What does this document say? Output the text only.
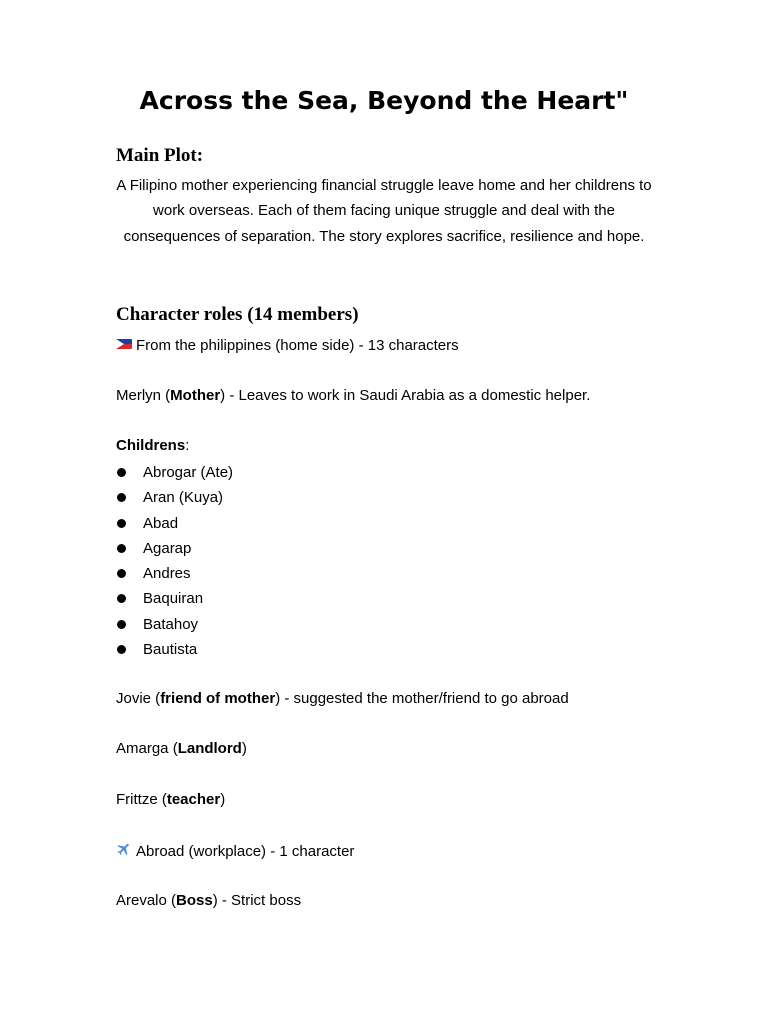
Across the Sea, Beyond the Heart"
Main Plot:
A Filipino mother experiencing financial struggle leave home and her childrens to work overseas. Each of them facing unique struggle and deal with the consequences of separation. The story explores sacrifice, resilience and hope.
Character roles (14 members)
From the philippines (home side) - 13 characters
Merlyn (Mother) - Leaves to work in Saudi Arabia as a domestic helper.
Childrens:
Abrogar (Ate)
Aran (Kuya)
Abad
Agarap
Andres
Baquiran
Batahoy
Bautista
Jovie (friend of mother) - suggested the mother/friend to go abroad
Amarga (Landlord)
Frittze (teacher)
Abroad (workplace) - 1 character
Arevalo (Boss) - Strict boss
